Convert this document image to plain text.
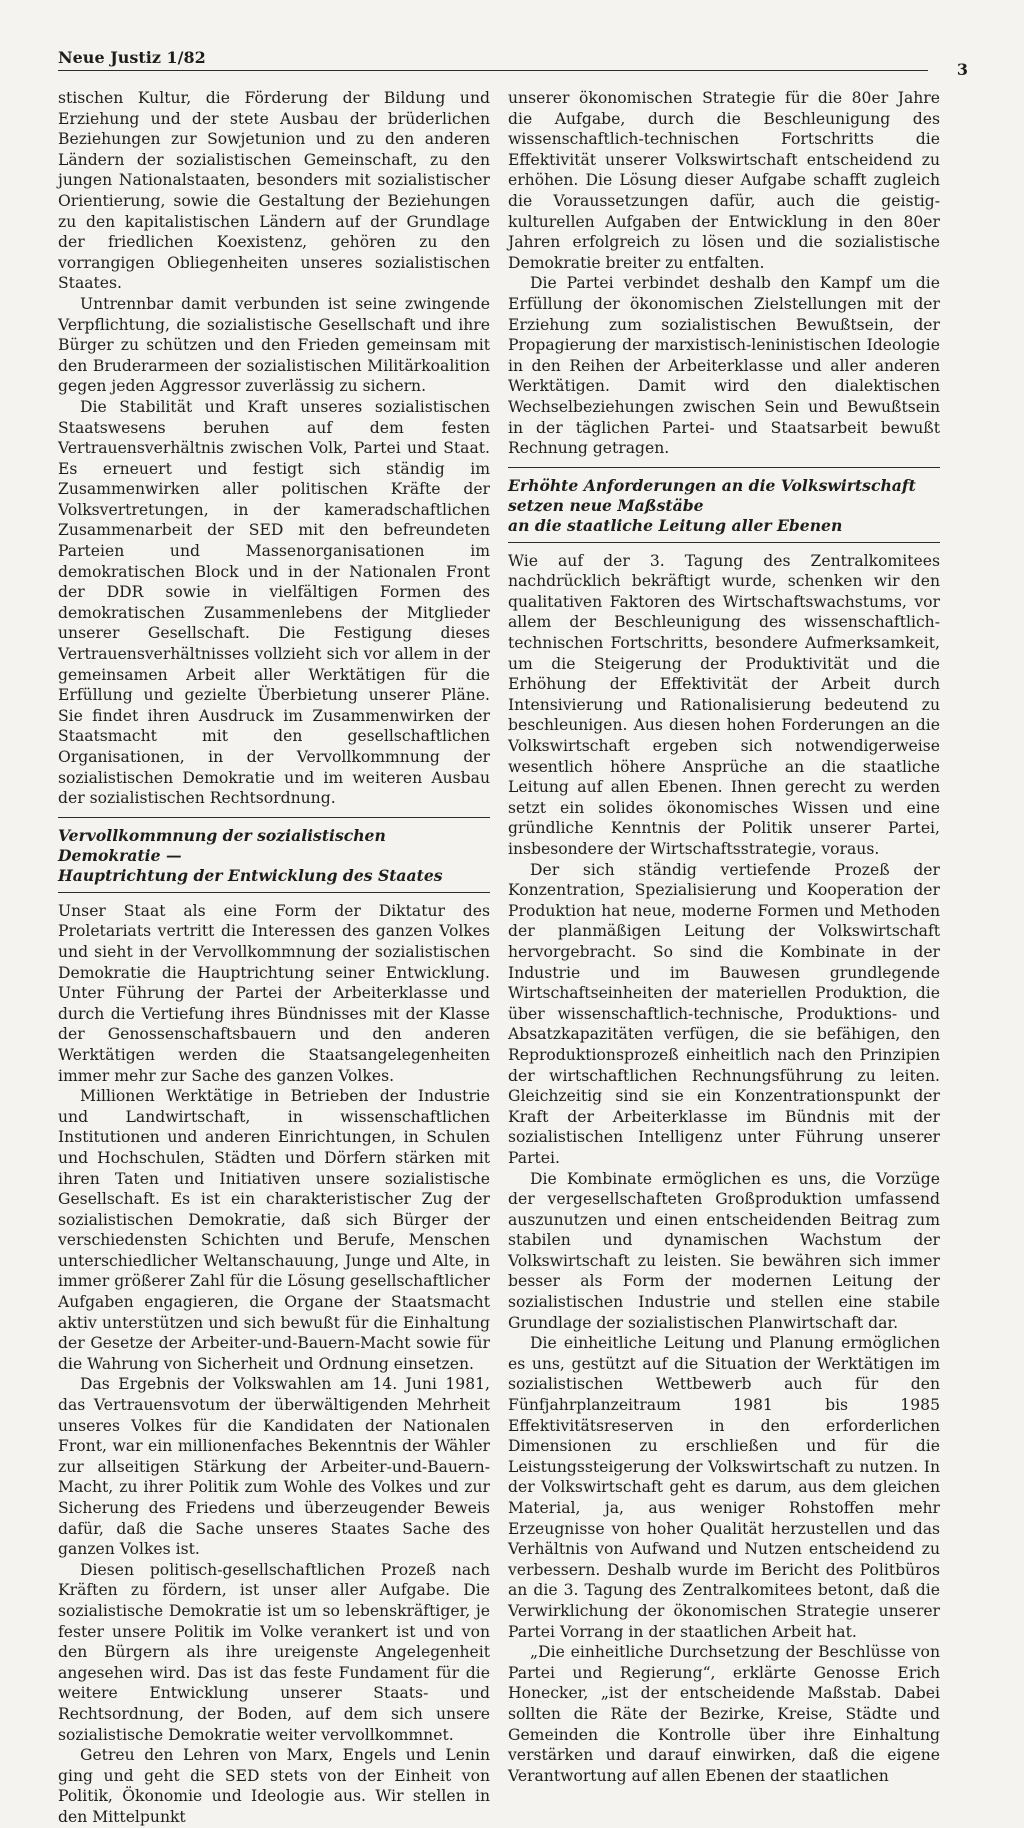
Neue Justiz 1/82
3

stischen Kultur, die Förderung der Bildung und Erziehung und der stete Ausbau der brüderlichen Beziehungen zur Sowjetunion und zu den anderen Ländern der sozialistischen Gemeinschaft, zu den jungen Nationalstaaten, besonders mit sozialistischer Orientierung, sowie die Gestaltung der Beziehungen zu den kapitalistischen Ländern auf der Grundlage der friedlichen Koexistenz, gehören zu den vorrangigen Obliegenheiten unseres sozialistischen Staates.

Untrennbar damit verbunden ist seine zwingende Verpflichtung, die sozialistische Gesellschaft und ihre Bürger zu schützen und den Frieden gemeinsam mit den Bruderarmeen der sozialistischen Militärkoalition gegen jeden Aggressor zuverlässig zu sichern.

Die Stabilität und Kraft unseres sozialistischen Staatswesens beruhen auf dem festen Vertrauensverhältnis zwischen Volk, Partei und Staat. Es erneuert und festigt sich ständig im Zusammenwirken aller politischen Kräfte der Volksvertretungen, in der kameradschaftlichen Zusammenarbeit der SED mit den befreundeten Parteien und Massenorganisationen im demokratischen Block und in der Nationalen Front der DDR sowie in vielfältigen Formen des demokratischen Zusammenlebens der Mitglieder unserer Gesellschaft. Die Festigung dieses Vertrauensverhältnisses vollzieht sich vor allem in der gemeinsamen Arbeit aller Werktätigen für die Erfüllung und gezielte Überbietung unserer Pläne. Sie findet ihren Ausdruck im Zusammenwirken der Staatsmacht mit den gesellschaftlichen Organisationen, in der Vervollkommnung der sozialistischen Demokratie und im weiteren Ausbau der sozialistischen Rechtsordnung.

Vervollkommnung der sozialistischen Demokratie —
Hauptrichtung der Entwicklung des Staates

Unser Staat als eine Form der Diktatur des Proletariats vertritt die Interessen des ganzen Volkes und sieht in der Vervollkommnung der sozialistischen Demokratie die Hauptrichtung seiner Entwicklung. Unter Führung der Partei der Arbeiterklasse und durch die Vertiefung ihres Bündnisses mit der Klasse der Genossenschaftsbauern und den anderen Werktätigen werden die Staatsangelegenheiten immer mehr zur Sache des ganzen Volkes.

Millionen Werktätige in Betrieben der Industrie und Landwirtschaft, in wissenschaftlichen Institutionen und anderen Einrichtungen, in Schulen und Hochschulen, Städten und Dörfern stärken mit ihren Taten und Initiativen unsere sozialistische Gesellschaft. Es ist ein charakteristischer Zug der sozialistischen Demokratie, daß sich Bürger der verschiedensten Schichten und Berufe, Menschen unterschiedlicher Weltanschauung, Junge und Alte, in immer größerer Zahl für die Lösung gesellschaftlicher Aufgaben engagieren, die Organe der Staatsmacht aktiv unterstützen und sich bewußt für die Einhaltung der Gesetze der Arbeiter-und-Bauern-Macht sowie für die Wahrung von Sicherheit und Ordnung einsetzen.

Das Ergebnis der Volkswahlen am 14. Juni 1981, das Vertrauensvotum der überwältigenden Mehrheit unseres Volkes für die Kandidaten der Nationalen Front, war ein millionenfaches Bekenntnis der Wähler zur allseitigen Stärkung der Arbeiter-und-Bauern-Macht, zu ihrer Politik zum Wohle des Volkes und zur Sicherung des Friedens und überzeugender Beweis dafür, daß die Sache unseres Staates Sache des ganzen Volkes ist.

Diesen politisch-gesellschaftlichen Prozeß nach Kräften zu fördern, ist unser aller Aufgabe. Die sozialistische Demokratie ist um so lebenskräftiger, je fester unsere Politik im Volke verankert ist und von den Bürgern als ihre ureigenste Angelegenheit angesehen wird. Das ist das feste Fundament für die weitere Entwicklung unserer Staats- und Rechtsordnung, der Boden, auf dem sich unsere sozialistische Demokratie weiter vervollkommnet.

Getreu den Lehren von Marx, Engels und Lenin ging und geht die SED stets von der Einheit von Politik, Ökonomie und Ideologie aus. Wir stellen in den Mittelpunkt

unserer ökonomischen Strategie für die 80er Jahre die Aufgabe, durch die Beschleunigung des wissenschaftlich-technischen Fortschritts die Effektivität unserer Volkswirtschaft entscheidend zu erhöhen. Die Lösung dieser Aufgabe schafft zugleich die Voraussetzungen dafür, auch die geistig-kulturellen Aufgaben der Entwicklung in den 80er Jahren erfolgreich zu lösen und die sozialistische Demokratie breiter zu entfalten.

Die Partei verbindet deshalb den Kampf um die Erfüllung der ökonomischen Zielstellungen mit der Erziehung zum sozialistischen Bewußtsein, der Propagierung der marxistisch-leninistischen Ideologie in den Reihen der Arbeiterklasse und aller anderen Werktätigen. Damit wird den dialektischen Wechselbeziehungen zwischen Sein und Bewußtsein in der täglichen Partei- und Staatsarbeit bewußt Rechnung getragen.

Erhöhte Anforderungen an die Volkswirtschaft
setzen neue Maßstäbe
an die staatliche Leitung aller Ebenen

Wie auf der 3. Tagung des Zentralkomitees nachdrücklich bekräftigt wurde, schenken wir den qualitativen Faktoren des Wirtschaftswachstums, vor allem der Beschleunigung des wissenschaftlich-technischen Fortschritts, besondere Aufmerksamkeit, um die Steigerung der Produktivität und die Erhöhung der Effektivität der Arbeit durch Intensivierung und Rationalisierung bedeutend zu beschleunigen. Aus diesen hohen Forderungen an die Volkswirtschaft ergeben sich notwendigerweise wesentlich höhere Ansprüche an die staatliche Leitung auf allen Ebenen. Ihnen gerecht zu werden setzt ein solides ökonomisches Wissen und eine gründliche Kenntnis der Politik unserer Partei, insbesondere der Wirtschaftsstrategie, voraus.

Der sich ständig vertiefende Prozeß der Konzentration, Spezialisierung und Kooperation der Produktion hat neue, moderne Formen und Methoden der planmäßigen Leitung der Volkswirtschaft hervorgebracht. So sind die Kombinate in der Industrie und im Bauwesen grundlegende Wirtschaftseinheiten der materiellen Produktion, die über wissenschaftlich-technische, Produktions- und Absatzkapazitäten verfügen, die sie befähigen, den Reproduktionsprozeß einheitlich nach den Prinzipien der wirtschaftlichen Rechnungsführung zu leiten. Gleichzeitig sind sie ein Konzentrationspunkt der Kraft der Arbeiterklasse im Bündnis mit der sozialistischen Intelligenz unter Führung unserer Partei.

Die Kombinate ermöglichen es uns, die Vorzüge der vergesellschafteten Großproduktion umfassend auszunutzen und einen entscheidenden Beitrag zum stabilen und dynamischen Wachstum der Volkswirtschaft zu leisten. Sie bewähren sich immer besser als Form der modernen Leitung der sozialistischen Industrie und stellen eine stabile Grundlage der sozialistischen Planwirtschaft dar.

Die einheitliche Leitung und Planung ermöglichen es uns, gestützt auf die Situation der Werktätigen im sozialistischen Wettbewerb auch für den Fünfjahrplanzeitraum 1981 bis 1985 Effektivitätsreserven in den erforderlichen Dimensionen zu erschließen und für die Leistungssteigerung der Volkswirtschaft zu nutzen. In der Volkswirtschaft geht es darum, aus dem gleichen Material, ja, aus weniger Rohstoffen mehr Erzeugnisse von hoher Qualität herzustellen und das Verhältnis von Aufwand und Nutzen entscheidend zu verbessern. Deshalb wurde im Bericht des Politbüros an die 3. Tagung des Zentralkomitees betont, daß die Verwirklichung der ökonomischen Strategie unserer Partei Vorrang in der staatlichen Arbeit hat.

„Die einheitliche Durchsetzung der Beschlüsse von Partei und Regierung“, erklärte Genosse Erich Honecker, „ist der entscheidende Maßstab. Dabei sollten die Räte der Bezirke, Kreise, Städte und Gemeinden die Kontrolle über ihre Einhaltung verstärken und darauf einwirken, daß die eigene Verantwortung auf allen Ebenen der staatlichen
